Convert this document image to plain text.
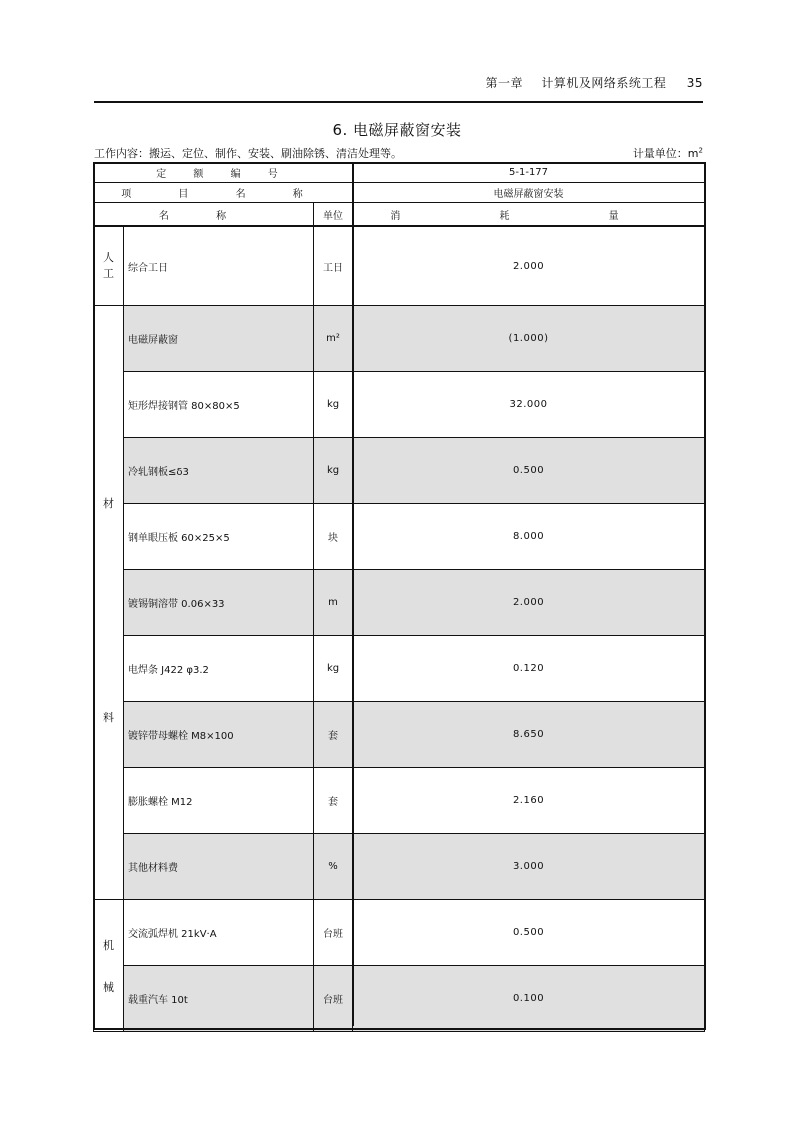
第一章 计算机及网络系统工程 35
6. 电磁屏蔽窗安装
工作内容：搬运、定位、制作、安装、刷油除锈、清洁处理等。	计量单位：$m^2$
定 额 编 号			5-1-177
项 目 名 称			电磁屏蔽窗安装
名 称		单位	消 耗 量
人工	综合工日	工日	2.000

材
料	电磁屏蔽窗	m²	(1.000)
	矩形焊接钢管 80×80×5	kg	32.000
	冷轧钢板≤δ3	kg	0.500
	钢单眼压板 60×25×5	块	8.000
	镀锡铜溶带 0.06×33	m	2.000
	电焊条 J422 φ3.2	kg	0.120
	镀锌带母螺栓 M8×100	套	8.650
	膨胀螺栓 M12	套	2.160
	其他材料费	%	3.000

机
械	交流弧焊机 21kV·A	台班	0.500
	载重汽车 10t	台班	0.100
